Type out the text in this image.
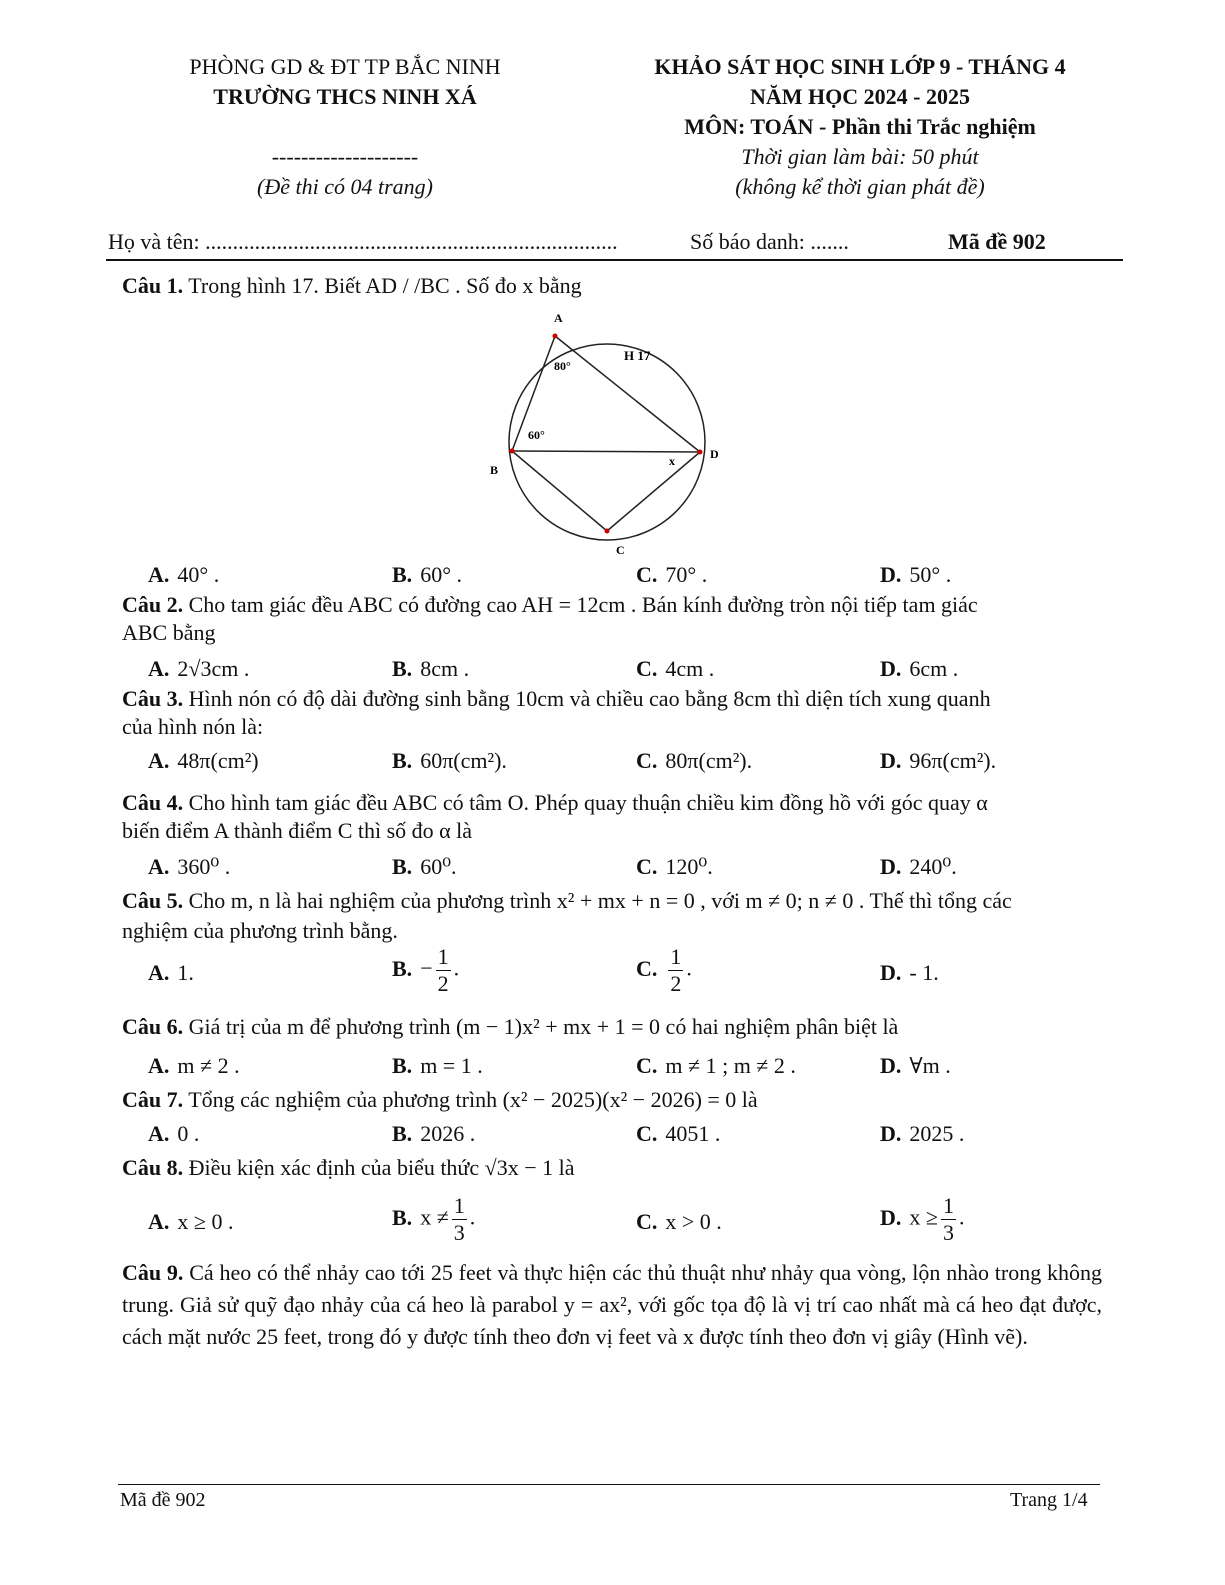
PHÒNG GD & ĐT TP BẮC NINH
TRƯỜNG THCS NINH XÁ
--------------------
(Đề thi có 04 trang)
KHẢO SÁT HỌC SINH LỚP 9 - THÁNG 4
NĂM HỌC 2024 - 2025
MÔN: TOÁN - Phần thi Trắc nghiệm
Thời gian làm bài: 50 phút
(không kể thời gian phát đề)
Họ và tên: ...........................................................................	Số báo danh: .......	Mã đề 902
Câu 1. Trong hình 17. Biết AD / /BC . Số đo x bằng
A
B
C
D
x
H 17
80°
60°
A. 40° .	B. 60° .	C. 70° .	D. 50° .
Câu 2. Cho tam giác đều ABC có đường cao AH = 12cm . Bán kính đường tròn nội tiếp tam giác
ABC bằng
A. 2√3cm .	B. 8cm .	C. 4cm .	D. 6cm .
Câu 3. Hình nón có độ dài đường sinh bằng 10cm và chiều cao bằng 8cm thì diện tích xung quanh
của hình nón là:
A. 48π(cm²)	B. 60π(cm²).	C. 80π(cm²).	D. 96π(cm²).
Câu 4. Cho hình tam giác đều ABC có tâm O. Phép quay thuận chiều kim đồng hồ với góc quay α
biến điểm A thành điểm C thì số đo α là
A. 360⁰ .	B. 60⁰.	C. 120⁰.	D. 240⁰.
Câu 5. Cho m, n là hai nghiệm của phương trình x² + mx + n = 0 , với m ≠ 0; n ≠ 0 . Thế thì tổng các
nghiệm của phương trình bằng.
A. 1.	B. − $\frac{1}{2}$ .	C. $\frac{1}{2}$ .	D. - 1.
Câu 6. Giá trị của m để phương trình (m − 1)x² + mx + 1 = 0 có hai nghiệm phân biệt là
A. m ≠ 2 .	B. m = 1 .	C. m ≠ 1 ; m ≠ 2 .	D. ∀m .
Câu 7. Tổng các nghiệm của phương trình (x² − 2025)(x² − 2026) = 0 là
A. 0 .	B. 2026 .	C. 4051 .	D. 2025 .
Câu 8. Điều kiện xác định của biểu thức √3x − 1 là
A. x ≥ 0 .	B. $x \ne \frac{1}{3}$ .	C. x > 0 .	D. $x \ge \frac{1}{3}$ .
Câu 9. Cá heo có thể nhảy cao tới 25 feet và thực hiện các thủ thuật như nhảy qua vòng, lộn nhào trong không trung. Giả sử quỹ đạo nhảy của cá heo là parabol y = ax², với gốc tọa độ là vị trí cao nhất mà cá heo đạt được, cách mặt nước 25 feet, trong đó y được tính theo đơn vị feet và x được tính theo đơn vị giây (Hình vẽ).
Mã đề 902	Trang 1/4
